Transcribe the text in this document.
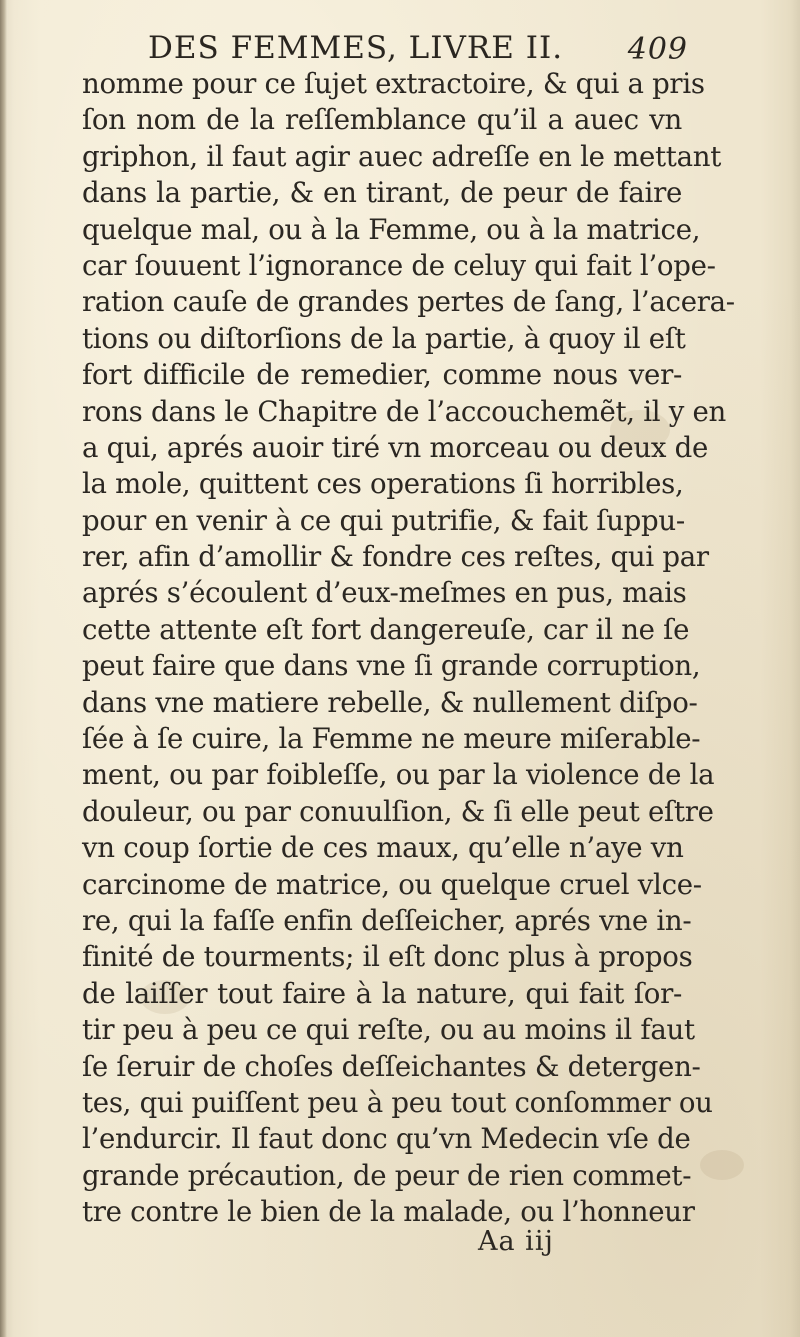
DES FEMMES, LIVRE II. 409
nomme pour ce ſujet extractoire, & qui a pris
ſon nom de la reſſemblance qu’il a auec vn
griphon, il faut agir auec adreſſe en le mettant
dans la partie, & en tirant, de peur de faire
quelque mal, ou à la Femme, ou à la matrice,
car ſouuent l’ignorance de celuy qui fait l’ope-
ration cauſe de grandes pertes de ſang, l’acera-
tions ou diſtorſions de la partie, à quoy il eſt
fort difficile de remedier, comme nous ver-
rons dans le Chapitre de l’accouchemẽt, il y en
a qui, aprés auoir tiré vn morceau ou deux de
la mole, quittent ces operations ſi horribles,
pour en venir à ce qui putrifie, & fait ſuppu-
rer, afin d’amollir & fondre ces reſtes, qui par
aprés s’écoulent d’eux-meſmes en pus, mais
cette attente eſt fort dangereuſe, car il ne ſe
peut faire que dans vne ſi grande corruption,
dans vne matiere rebelle, & nullement diſpo-
ſée à ſe cuire, la Femme ne meure miſerable-
ment, ou par foibleſſe, ou par la violence de la
douleur, ou par conuulſion, & ſi elle peut eſtre
vn coup ſortie de ces maux, qu’elle n’aye vn
carcinome de matrice, ou quelque cruel vlce-
re, qui la faſſe enfin deſſeicher, aprés vne in-
finité de tourments; il eſt donc plus à propos
de laiſſer tout faire à la nature, qui fait ſor-
tir peu à peu ce qui reſte, ou au moins il faut
ſe ſeruir de choſes deſſeichantes & detergen-
tes, qui puiſſent peu à peu tout conſommer ou
l’endurcir. Il faut donc qu’vn Medecin vſe de
grande précaution, de peur de rien commet-
tre contre le bien de la malade, ou l’honneur
Aa iij
